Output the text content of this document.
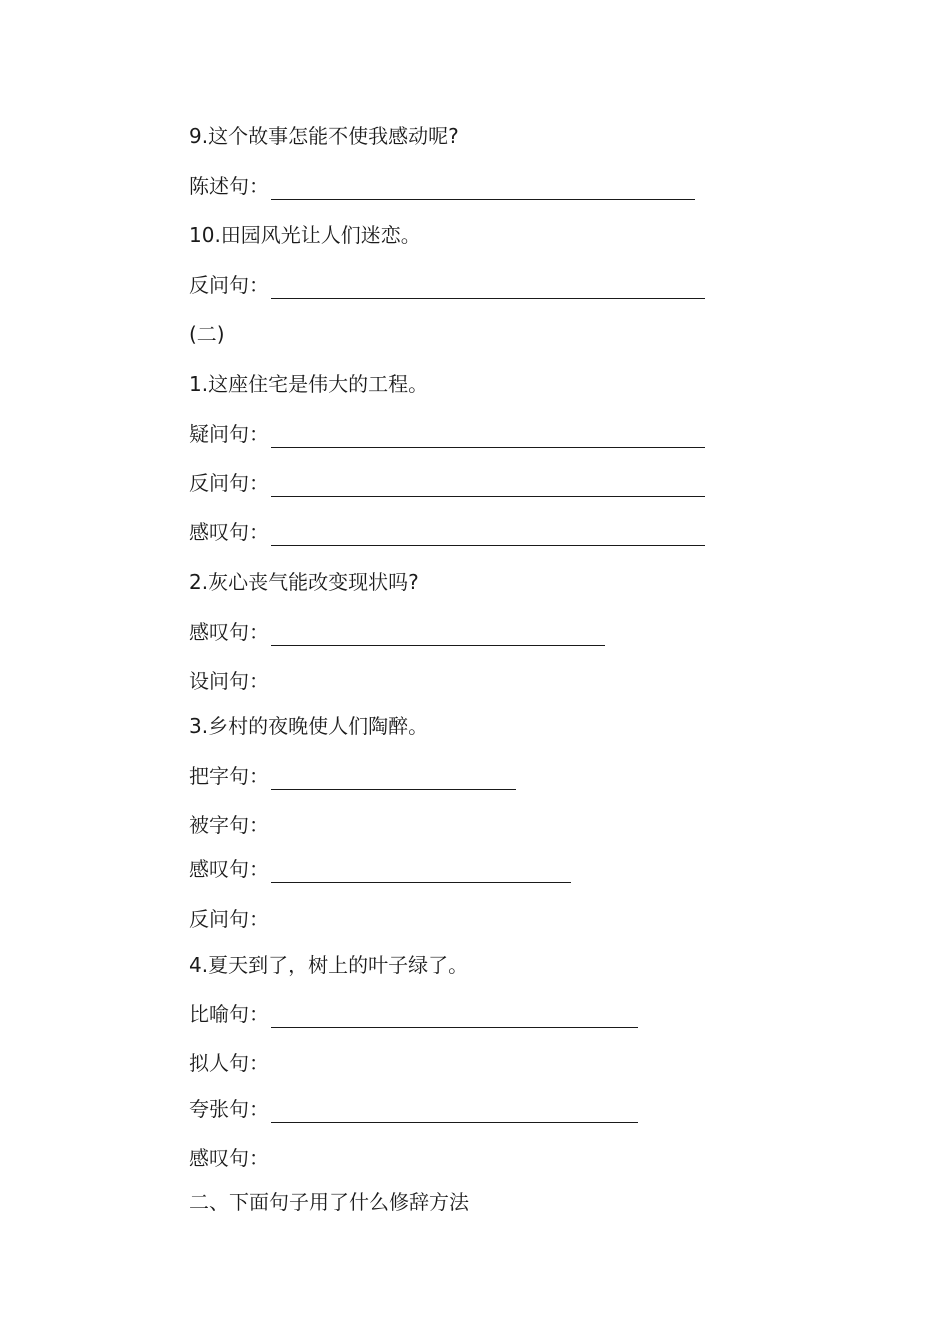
9.这个故事怎能不使我感动呢?
陈述句：
10.田园风光让人们迷恋。
反问句：
(二)
1.这座住宅是伟大的工程。
疑问句：
反问句：
感叹句：
2.灰心丧气能改变现状吗?
感叹句：
设问句：
3.乡村的夜晚使人们陶醉。
把字句：
被字句：
感叹句：
反问句：
4.夏天到了，树上的叶子绿了。
比喻句：
拟人句：
夸张句：
感叹句：
二、下面句子用了什么修辞方法
